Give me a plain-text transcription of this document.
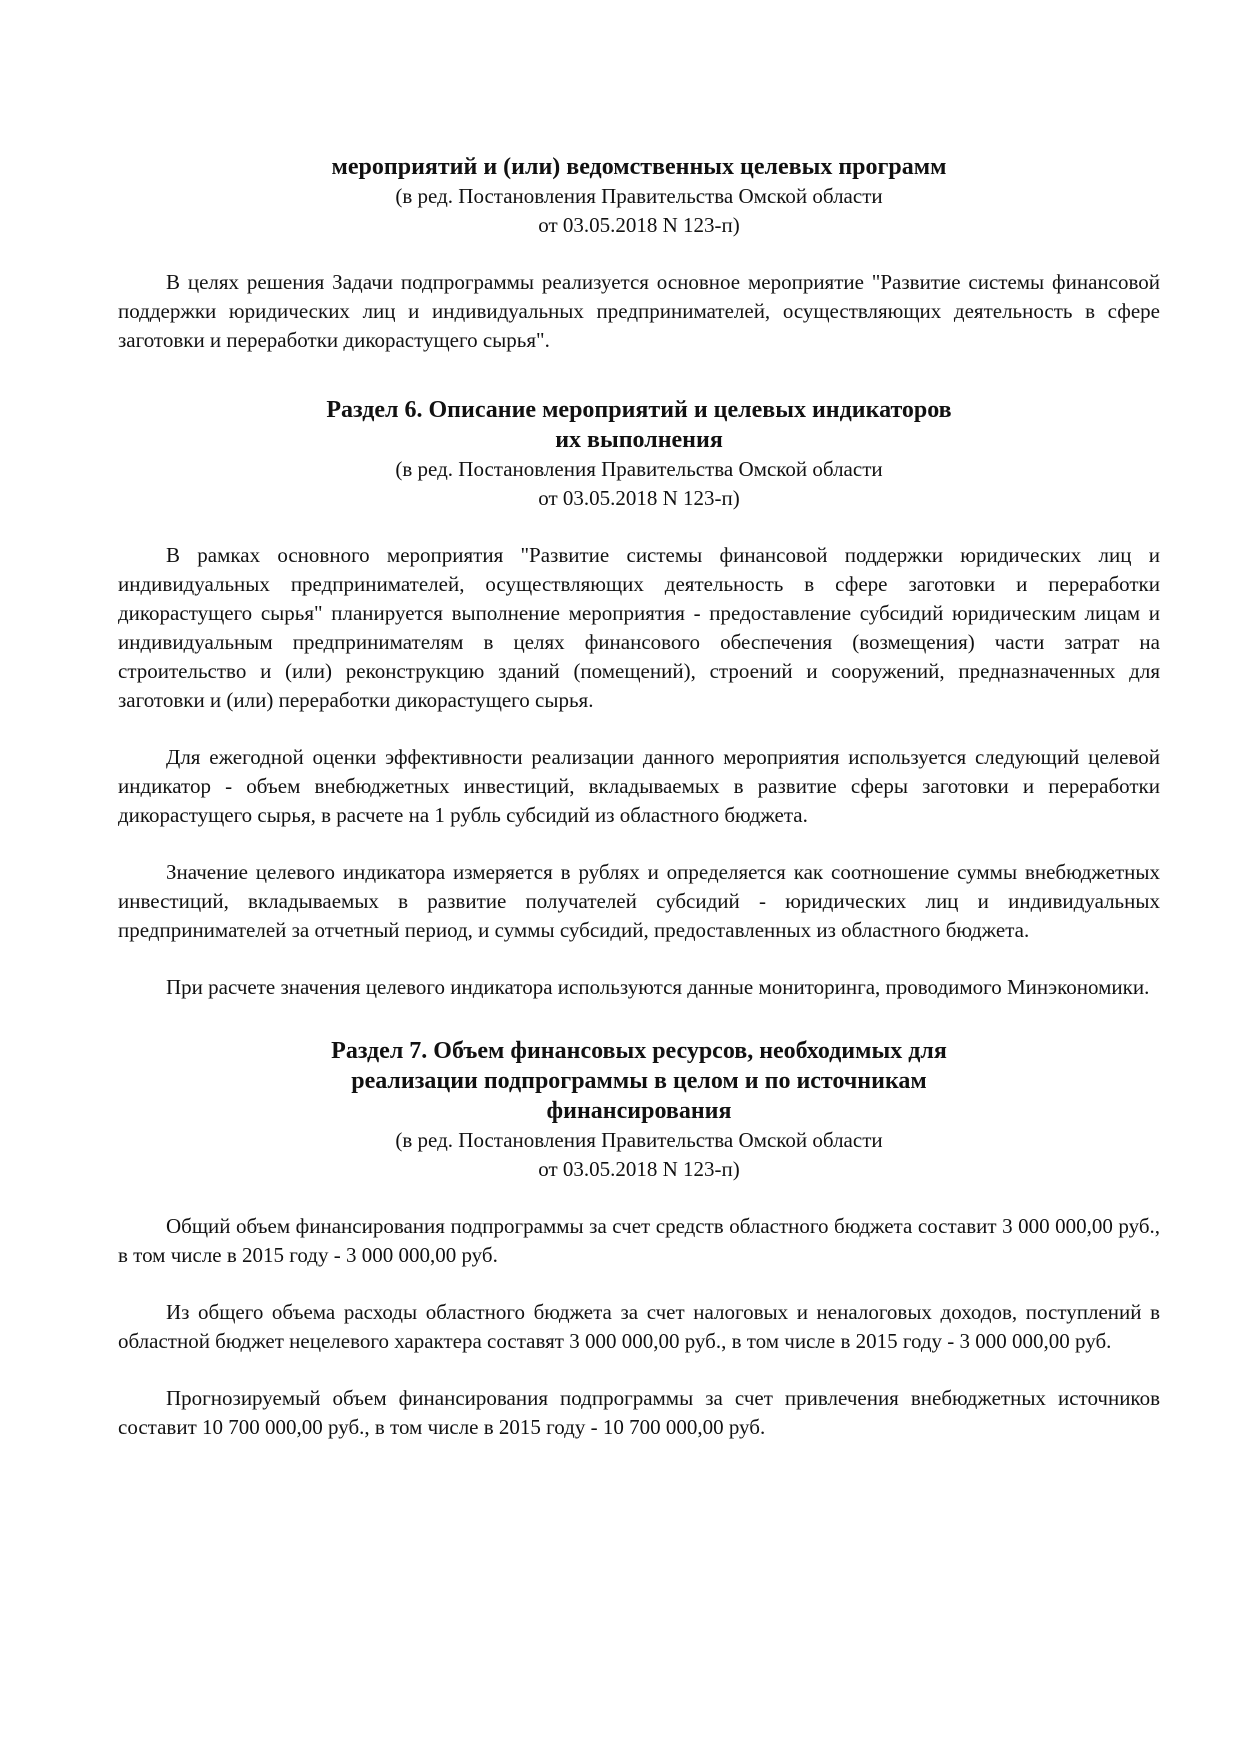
мероприятий и (или) ведомственных целевых программ

(в ред. Постановления Правительства Омской области

от 03.05.2018 N 123-п)

В целях решения Задачи подпрограммы реализуется основное мероприятие "Развитие системы финансовой поддержки юридических лиц и индивидуальных предпринимателей, осуществляющих деятельность в сфере заготовки и переработки дикорастущего сырья".

Раздел 6. Описание мероприятий и целевых индикаторов

их выполнения

(в ред. Постановления Правительства Омской области

от 03.05.2018 N 123-п)

В рамках основного мероприятия "Развитие системы финансовой поддержки юридических лиц и индивидуальных предпринимателей, осуществляющих деятельность в сфере заготовки и переработки дикорастущего сырья" планируется выполнение мероприятия - предоставление субсидий юридическим лицам и индивидуальным предпринимателям в целях финансового обеспечения (возмещения) части затрат на строительство и (или) реконструкцию зданий (помещений), строений и сооружений, предназначенных для заготовки и (или) переработки дикорастущего сырья.

Для ежегодной оценки эффективности реализации данного мероприятия используется следующий целевой индикатор - объем внебюджетных инвестиций, вкладываемых в развитие сферы заготовки и переработки дикорастущего сырья, в расчете на 1 рубль субсидий из областного бюджета.

Значение целевого индикатора измеряется в рублях и определяется как соотношение суммы внебюджетных инвестиций, вкладываемых в развитие получателей субсидий - юридических лиц и индивидуальных предпринимателей за отчетный период, и суммы субсидий, предоставленных из областного бюджета.

При расчете значения целевого индикатора используются данные мониторинга, проводимого Минэкономики.

Раздел 7. Объем финансовых ресурсов, необходимых для

реализации подпрограммы в целом и по источникам

финансирования

(в ред. Постановления Правительства Омской области

от 03.05.2018 N 123-п)

Общий объем финансирования подпрограммы за счет средств областного бюджета составит 3 000 000,00 руб., в том числе в 2015 году - 3 000 000,00 руб.

Из общего объема расходы областного бюджета за счет налоговых и неналоговых доходов, поступлений в областной бюджет нецелевого характера составят 3 000 000,00 руб., в том числе в 2015 году - 3 000 000,00 руб.

Прогнозируемый объем финансирования подпрограммы за счет привлечения внебюджетных источников составит 10 700 000,00 руб., в том числе в 2015 году - 10 700 000,00 руб.
